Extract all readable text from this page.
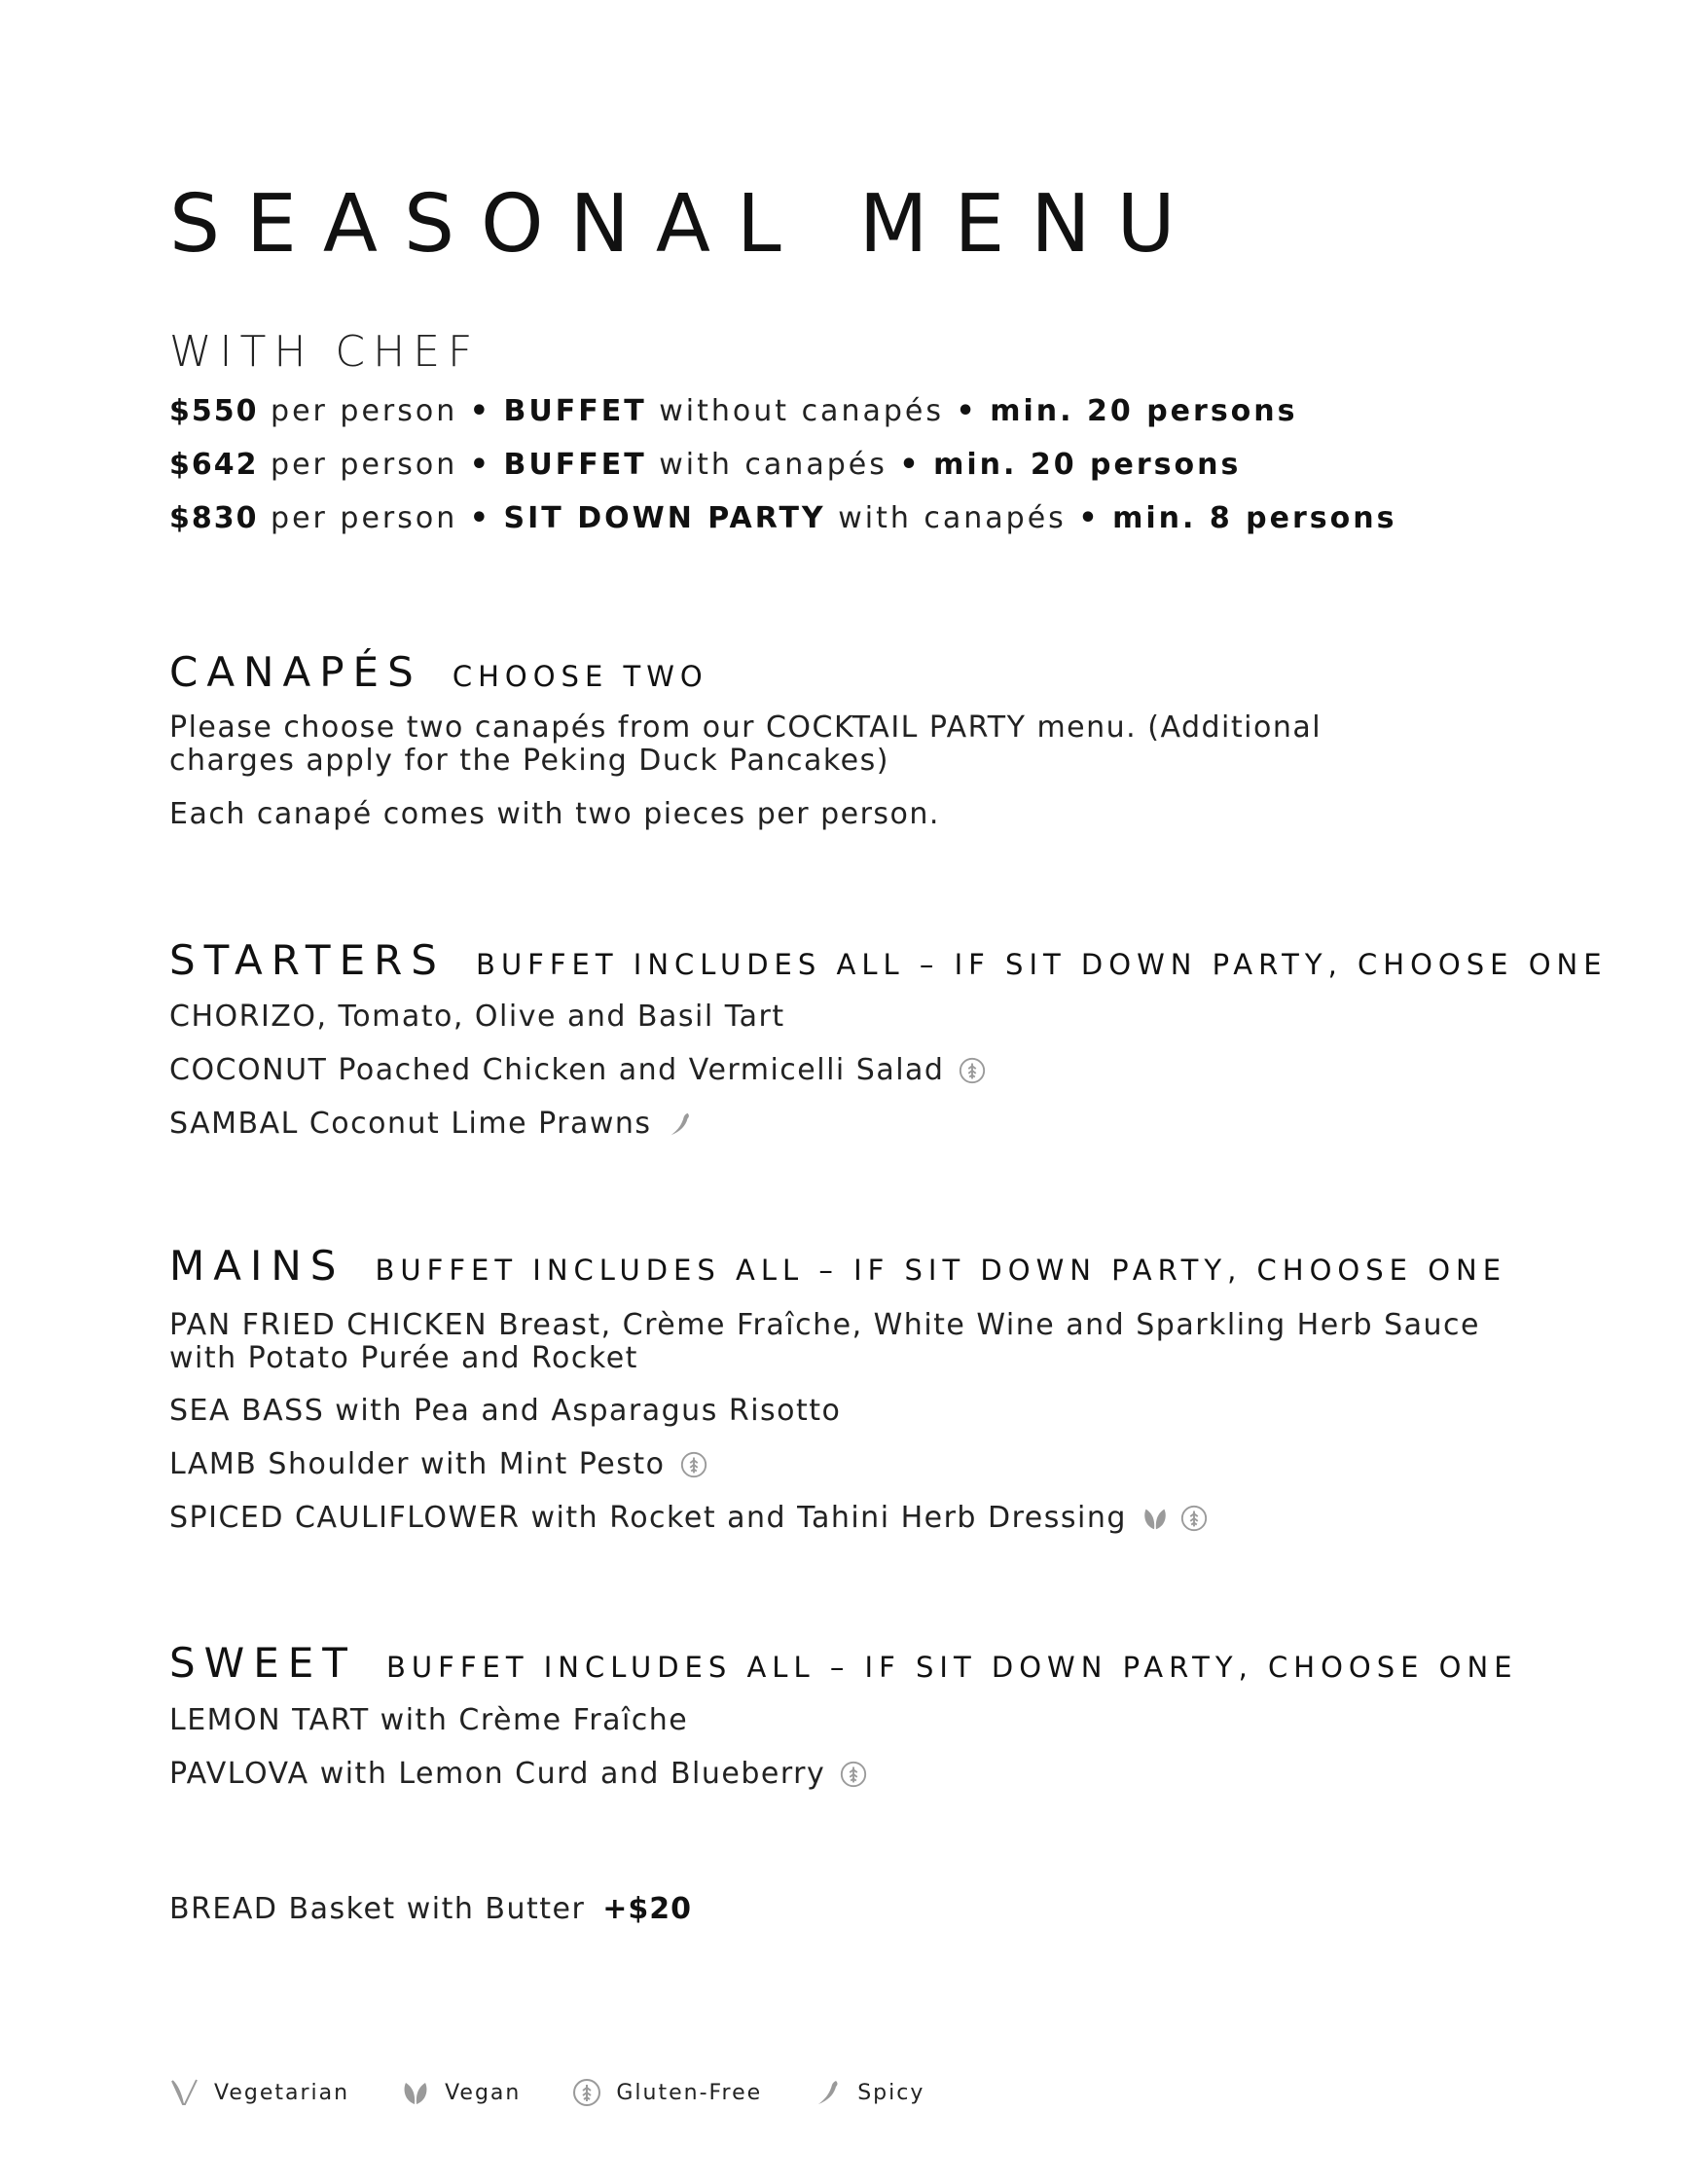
SEASONAL MENU
WITH CHEF
$550 per person • BUFFET without canapés • min. 20 persons
$642 per person • BUFFET with canapés • min. 20 persons
$830 per person • SIT DOWN PARTY with canapés • min. 8 persons
CANAPÉS CHOOSE TWO
Please choose two canapés from our COCKTAIL PARTY menu. (Additional charges apply for the Peking Duck Pancakes)
Each canapé comes with two pieces per person.
STARTERS BUFFET INCLUDES ALL – IF SIT DOWN PARTY, CHOOSE ONE
CHORIZO, Tomato, Olive and Basil Tart
COCONUT Poached Chicken and Vermicelli Salad
SAMBAL Coconut Lime Prawns
MAINS BUFFET INCLUDES ALL – IF SIT DOWN PARTY, CHOOSE ONE
PAN FRIED CHICKEN Breast, Crème Fraîche, White Wine and Sparkling Herb Sauce with Potato Purée and Rocket
SEA BASS with Pea and Asparagus Risotto
LAMB Shoulder with Mint Pesto
SPICED CAULIFLOWER with Rocket and Tahini Herb Dressing
SWEET BUFFET INCLUDES ALL – IF SIT DOWN PARTY, CHOOSE ONE
LEMON TART with Crème Fraîche
PAVLOVA with Lemon Curd and Blueberry
BREAD Basket with Butter +$20
Vegetarian	Vegan	Gluten-Free	Spicy
